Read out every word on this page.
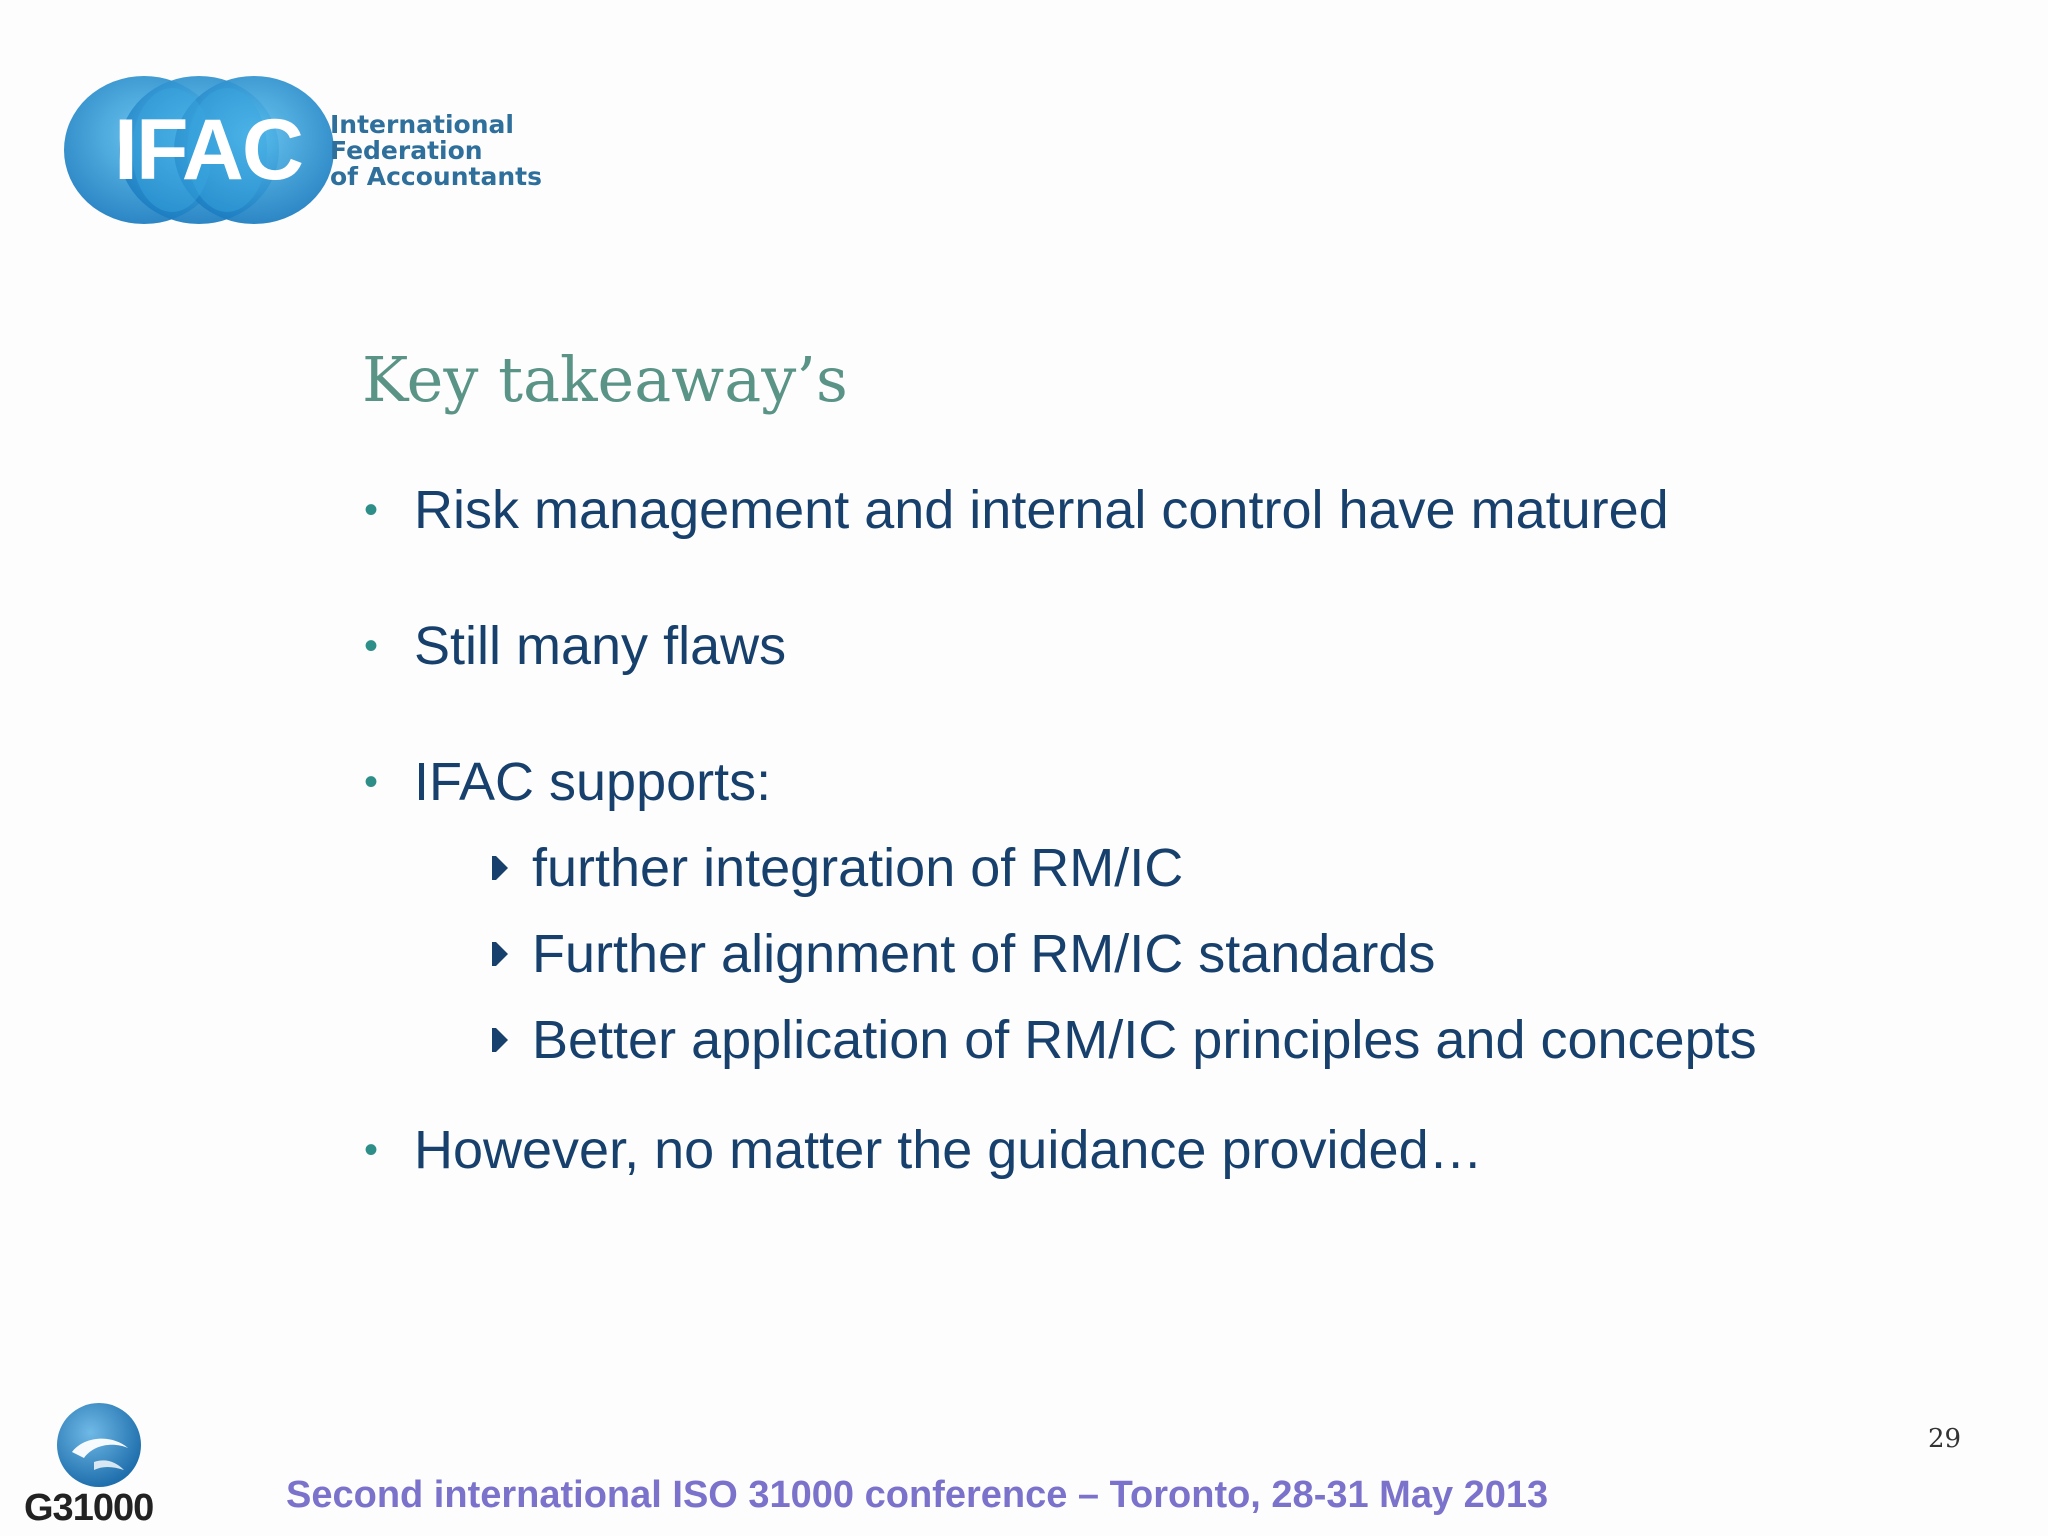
IFAC	International
Federation
of Accountants
Key takeaway’s
• Risk management and internal control have matured
• Still many flaws
• IFAC supports:
further integration of RM/IC
Further alignment of RM/IC standards
Better application of RM/IC principles and concepts
• However, no matter the guidance provided…
G31000	Second international ISO 31000 conference – Toronto, 28-31 May 2013
29
